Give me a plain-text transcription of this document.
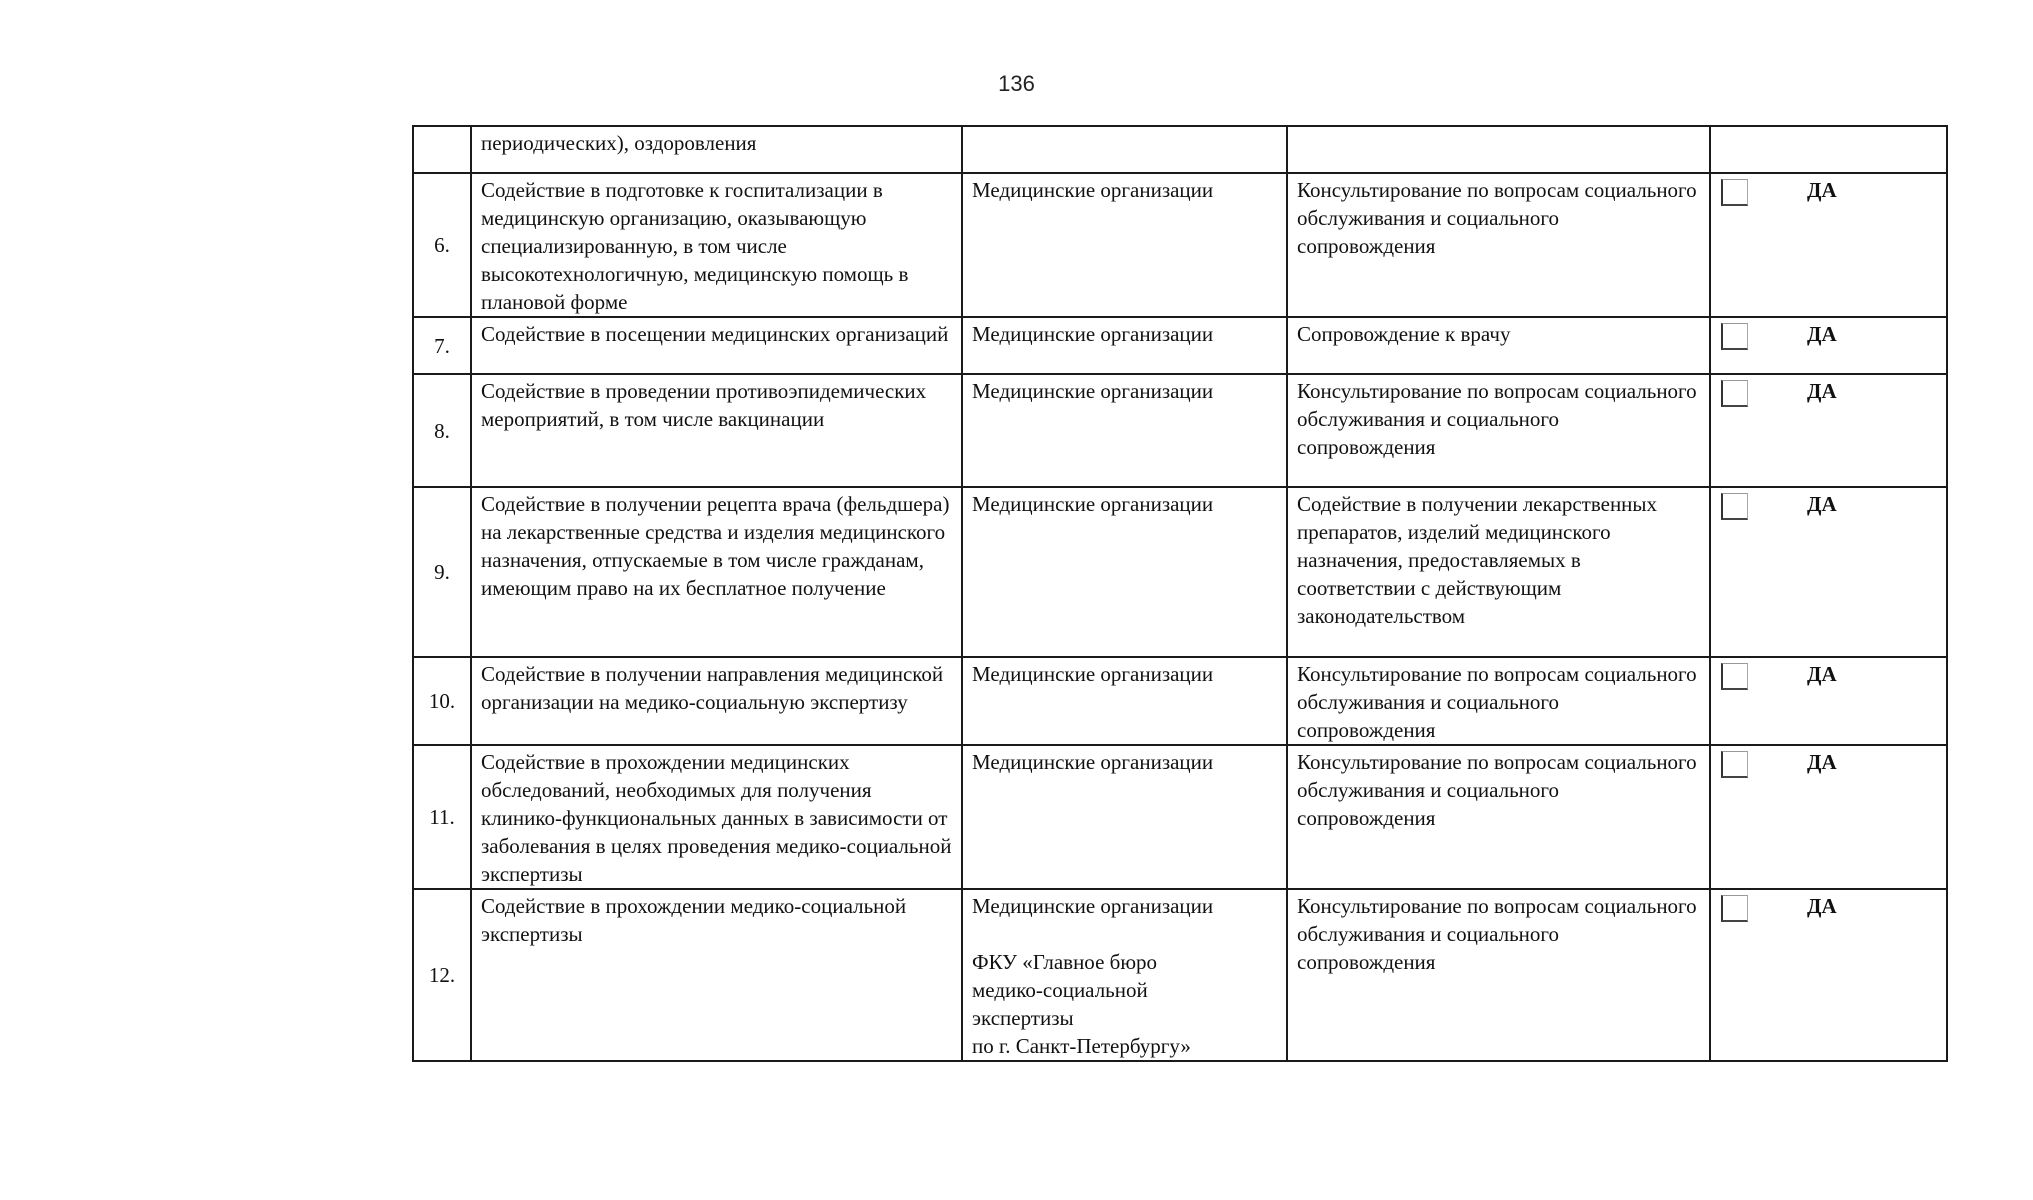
136
	периодических), оздоровления			
6.	Содействие в подготовке к госпитализации в медицинскую организацию, оказывающую специализированную, в том числе высокотехнологичную, медицинскую помощь в плановой форме	Медицинские организации	Консультирование по вопросам социального обслуживания и социального сопровождения	ДА

7.	Содействие в посещении медицинских организаций	Медицинские организации	Сопровождение к врачу	ДА

8.	Содействие в проведении противоэпидемических мероприятий, в том числе вакцинации	Медицинские организации	Консультирование по вопросам социального обслуживания и социального сопровождения	ДА

9.	Содействие в получении рецепта врача (фельдшера) на лекарственные средства и изделия медицинского назначения, отпускаемые в том числе гражданам, имеющим право на их бесплатное получение	Медицинские организации	Содействие в получении лекарственных препаратов, изделий медицинского назначения, предоставляемых в соответствии с действующим законодательством	ДА

10.	Содействие в получении направления медицинской организации на медико-социальную экспертизу	Медицинские организации	Консультирование по вопросам социального обслуживания и социального сопровождения	ДА

11.	Содействие в прохождении медицинских обследований, необходимых для получения клинико-функциональных данных в зависимости от заболевания в целях проведения медико-социальной экспертизы	Медицинские организации	Консультирование по вопросам социального обслуживания и социального сопровождения	ДА

12.	Содействие в прохождении медико-социальной экспертизы	Медицинские организации
ФКУ «Главное бюро
медико-социальной
экспертизы
по г. Санкт-Петербургу»	Консультирование по вопросам социального обслуживания и социального сопровождения	ДА
